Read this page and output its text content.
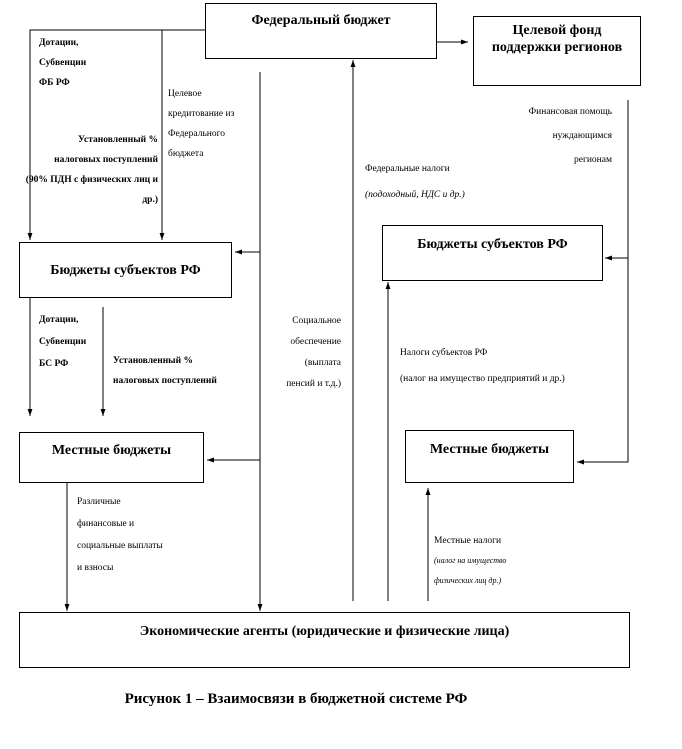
Федеральный бюджет
Целевой фонд
поддержки регионов
Бюджеты субъектов РФ
Бюджеты субъектов РФ
Местные бюджеты	Местные бюджеты
Экономические агенты (юридические и физические лица)
Дотации,
Субвенции
ФБ РФ
Установленный %
налоговых поступлений
(90% ПДН с физических лиц и
др.)
Целевое
кредитование из
Федерального
бюджета
Финансовая помощь
нуждающимся
регионам
Федеральные налоги
(подоходный, НДС и др.)
Социальное
обеспечение
(выплата
пенсий и т.д.)
Дотации,
Субвенции
БС РФ	Установленный %
налоговых поступлений
Налоги субъектов РФ
(налог на имущество предприятий и др.)
Различные
финансовые и
социальные выплаты
и взносы
Местные налоги
(налог на имущество
физических лиц др.)
Рисунок 1 – Взаимосвязи в бюджетной системе РФ
